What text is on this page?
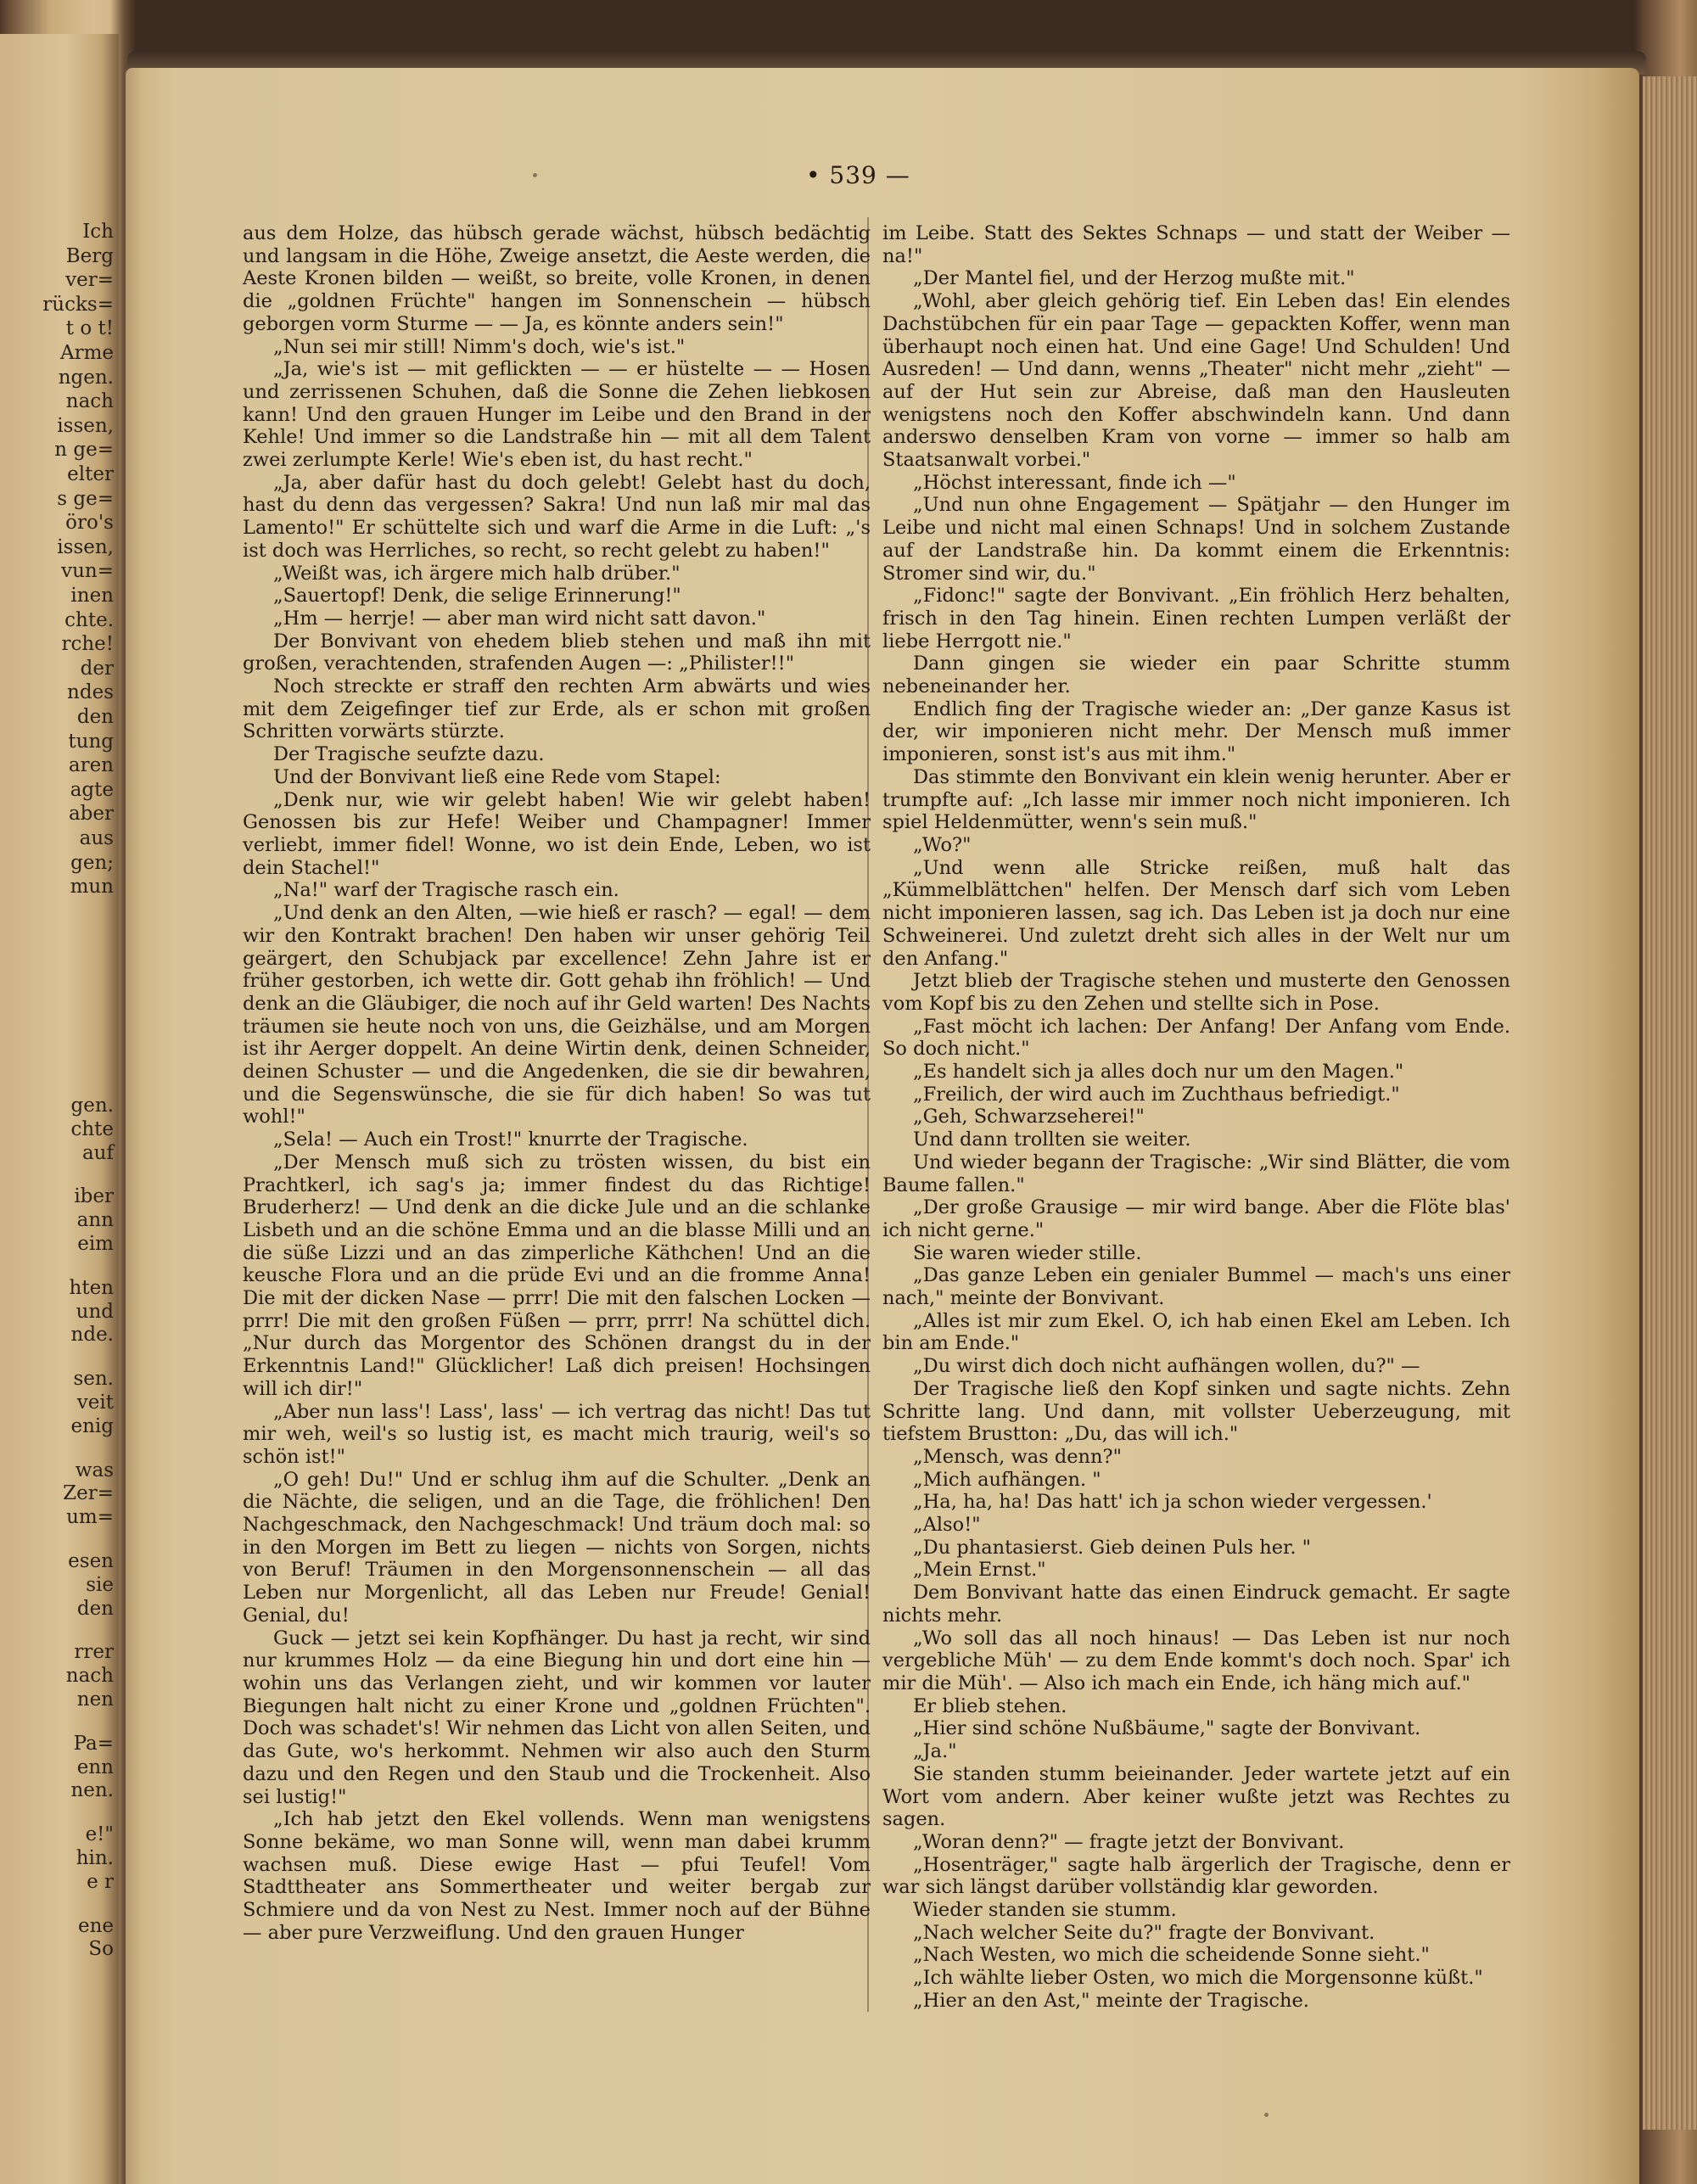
Ich
Berg
ver=
rücks=
t o t!
Arme
ngen.
nach
issen,
n ge=
elter
s ge=
öro's
issen,
vun=
inen
chte.
rche!
der
ndes
den
tung
aren
agte
aber
aus
gen;
mun
gen.
chte
auf
iber
ann
eim
hten
und
nde.
sen.
veit
enig
was
Zer=
um=
esen
sie
den
rrer
nach
nen
Pa=
enn
nen.
e!"
hin.
e r
ene
So
• 539 —

aus dem Holze, das hübsch gerade wächst, hübsch bedächtig und langsam in die Höhe, Zweige ansetzt, die Aeste werden, die Aeste Kronen bilden — weißt, so breite, volle Kronen, in denen die „goldnen Früchte" hangen im Sonnenschein — hübsch geborgen vorm Sturme — — Ja, es könnte anders sein!"

„Nun sei mir still! Nimm's doch, wie's ist."

„Ja, wie's ist — mit geflickten — — er hüstelte — — Hosen und zerrissenen Schuhen, daß die Sonne die Zehen liebkosen kann! Und den grauen Hunger im Leibe und den Brand in der Kehle! Und immer so die Landstraße hin — mit all dem Talent zwei zerlumpte Kerle! Wie's eben ist, du hast recht."

„Ja, aber dafür hast du doch gelebt! Gelebt hast du doch, hast du denn das vergessen? Sakra! Und nun laß mir mal das Lamento!" Er schüttelte sich und warf die Arme in die Luft: „'s ist doch was Herrliches, so recht, so recht gelebt zu haben!"

„Weißt was, ich ärgere mich halb drüber."

„Sauertopf! Denk, die selige Erinnerung!"

„Hm — herrje! — aber man wird nicht satt davon."

Der Bonvivant von ehedem blieb stehen und maß ihn mit großen, verachtenden, strafenden Augen —: „Philister!!"

Noch streckte er straff den rechten Arm abwärts und wies mit dem Zeigefinger tief zur Erde, als er schon mit großen Schritten vorwärts stürzte.

Der Tragische seufzte dazu.

Und der Bonvivant ließ eine Rede vom Stapel:

„Denk nur, wie wir gelebt haben! Wie wir gelebt haben! Genossen bis zur Hefe! Weiber und Champagner! Immer verliebt, immer fidel! Wonne, wo ist dein Ende, Leben, wo ist dein Stachel!"

„Na!" warf der Tragische rasch ein.

„Und denk an den Alten, —wie hieß er rasch? — egal! — dem wir den Kontrakt brachen! Den haben wir unser gehörig Teil geärgert, den Schubjack par excellence! Zehn Jahre ist er früher gestorben, ich wette dir. Gott gehab ihn fröhlich! — Und denk an die Gläubiger, die noch auf ihr Geld warten! Des Nachts träumen sie heute noch von uns, die Geizhälse, und am Morgen ist ihr Aerger doppelt. An deine Wirtin denk, deinen Schneider, deinen Schuster — und die Angedenken, die sie dir bewahren, und die Segenswünsche, die sie für dich haben! So was tut wohl!"

„Sela! — Auch ein Trost!" knurrte der Tragische.

„Der Mensch muß sich zu trösten wissen, du bist ein Prachtkerl, ich sag's ja; immer findest du das Richtige! Bruderherz! — Und denk an die dicke Jule und an die schlanke Lisbeth und an die schöne Emma und an die blasse Milli und an die süße Lizzi und an das zimperliche Käthchen! Und an die keusche Flora und an die prüde Evi und an die fromme Anna! Die mit der dicken Nase — prrr! Die mit den falschen Locken — prrr! Die mit den großen Füßen — prrr, prrr! Na schüttel dich. „Nur durch das Morgentor des Schönen drangst du in der Erkenntnis Land!" Glücklicher! Laß dich preisen! Hochsingen will ich dir!"

„Aber nun lass'! Lass', lass' — ich vertrag das nicht! Das tut mir weh, weil's so lustig ist, es macht mich traurig, weil's so schön ist!"

„O geh! Du!" Und er schlug ihm auf die Schulter. „Denk an die Nächte, die seligen, und an die Tage, die fröhlichen! Den Nachgeschmack, den Nachgeschmack! Und träum doch mal: so in den Morgen im Bett zu liegen — nichts von Sorgen, nichts von Beruf! Träumen in den Morgensonnenschein — all das Leben nur Morgenlicht, all das Leben nur Freude! Genial! Genial, du!

Guck — jetzt sei kein Kopfhänger. Du hast ja recht, wir sind nur krummes Holz — da eine Biegung hin und dort eine hin — wohin uns das Verlangen zieht, und wir kommen vor lauter Biegungen halt nicht zu einer Krone und „goldnen Früchten". Doch was schadet's! Wir nehmen das Licht von allen Seiten, und das Gute, wo's herkommt. Nehmen wir also auch den Sturm dazu und den Regen und den Staub und die Trockenheit. Also sei lustig!"

„Ich hab jetzt den Ekel vollends. Wenn man wenigstens Sonne bekäme, wo man Sonne will, wenn man dabei krumm wachsen muß. Diese ewige Hast — pfui Teufel! Vom Stadttheater ans Sommertheater und weiter bergab zur Schmiere und da von Nest zu Nest. Immer noch auf der Bühne — aber pure Verzweiflung. Und den grauen Hunger

im Leibe. Statt des Sektes Schnaps — und statt der Weiber — na!"

„Der Mantel fiel, und der Herzog mußte mit."

„Wohl, aber gleich gehörig tief. Ein Leben das! Ein elendes Dachstübchen für ein paar Tage — gepackten Koffer, wenn man überhaupt noch einen hat. Und eine Gage! Und Schulden! Und Ausreden! — Und dann, wenns „Theater" nicht mehr „zieht" — auf der Hut sein zur Abreise, daß man den Hausleuten wenigstens noch den Koffer abschwindeln kann. Und dann anderswo denselben Kram von vorne — immer so halb am Staatsanwalt vorbei."

„Höchst interessant, finde ich —"

„Und nun ohne Engagement — Spätjahr — den Hunger im Leibe und nicht mal einen Schnaps! Und in solchem Zustande auf der Landstraße hin. Da kommt einem die Erkenntnis: Stromer sind wir, du."

„Fidonc!" sagte der Bonvivant. „Ein fröhlich Herz behalten, frisch in den Tag hinein. Einen rechten Lumpen verläßt der liebe Herrgott nie."

Dann gingen sie wieder ein paar Schritte stumm nebeneinander her.

Endlich fing der Tragische wieder an: „Der ganze Kasus ist der, wir imponieren nicht mehr. Der Mensch muß immer imponieren, sonst ist's aus mit ihm."

Das stimmte den Bonvivant ein klein wenig herunter. Aber er trumpfte auf: „Ich lasse mir immer noch nicht imponieren. Ich spiel Heldenmütter, wenn's sein muß."

„Wo?"

„Und wenn alle Stricke reißen, muß halt das „Kümmelblättchen" helfen. Der Mensch darf sich vom Leben nicht imponieren lassen, sag ich. Das Leben ist ja doch nur eine Schweinerei. Und zuletzt dreht sich alles in der Welt nur um den Anfang."

Jetzt blieb der Tragische stehen und musterte den Genossen vom Kopf bis zu den Zehen und stellte sich in Pose.

„Fast möcht ich lachen: Der Anfang! Der Anfang vom Ende. So doch nicht."

„Es handelt sich ja alles doch nur um den Magen."

„Freilich, der wird auch im Zuchthaus befriedigt."

„Geh, Schwarzseherei!"

Und dann trollten sie weiter.

Und wieder begann der Tragische: „Wir sind Blätter, die vom Baume fallen."

„Der große Grausige — mir wird bange. Aber die Flöte blas' ich nicht gerne."

Sie waren wieder stille.

„Das ganze Leben ein genialer Bummel — mach's uns einer nach," meinte der Bonvivant.

„Alles ist mir zum Ekel. O, ich hab einen Ekel am Leben. Ich bin am Ende."

„Du wirst dich doch nicht aufhängen wollen, du?" —

Der Tragische ließ den Kopf sinken und sagte nichts. Zehn Schritte lang. Und dann, mit vollster Ueberzeugung, mit tiefstem Brustton: „Du, das will ich."

„Mensch, was denn?"

„Mich aufhängen. "

„Ha, ha, ha! Das hatt' ich ja schon wieder vergessen.'

„Also!"

„Du phantasierst. Gieb deinen Puls her. "

„Mein Ernst."

Dem Bonvivant hatte das einen Eindruck gemacht. Er sagte nichts mehr.

„Wo soll das all noch hinaus! — Das Leben ist nur noch vergebliche Müh' — zu dem Ende kommt's doch noch. Spar' ich mir die Müh'. — Also ich mach ein Ende, ich häng mich auf."

Er blieb stehen.

„Hier sind schöne Nußbäume," sagte der Bonvivant.

„Ja."

Sie standen stumm beieinander. Jeder wartete jetzt auf ein Wort vom andern. Aber keiner wußte jetzt was Rechtes zu sagen.

„Woran denn?" — fragte jetzt der Bonvivant.

„Hosenträger," sagte halb ärgerlich der Tragische, denn er war sich längst darüber vollständig klar geworden.

Wieder standen sie stumm.

„Nach welcher Seite du?" fragte der Bonvivant.

„Nach Westen, wo mich die scheidende Sonne sieht."

„Ich wählte lieber Osten, wo mich die Morgensonne küßt."

„Hier an den Ast," meinte der Tragische.
